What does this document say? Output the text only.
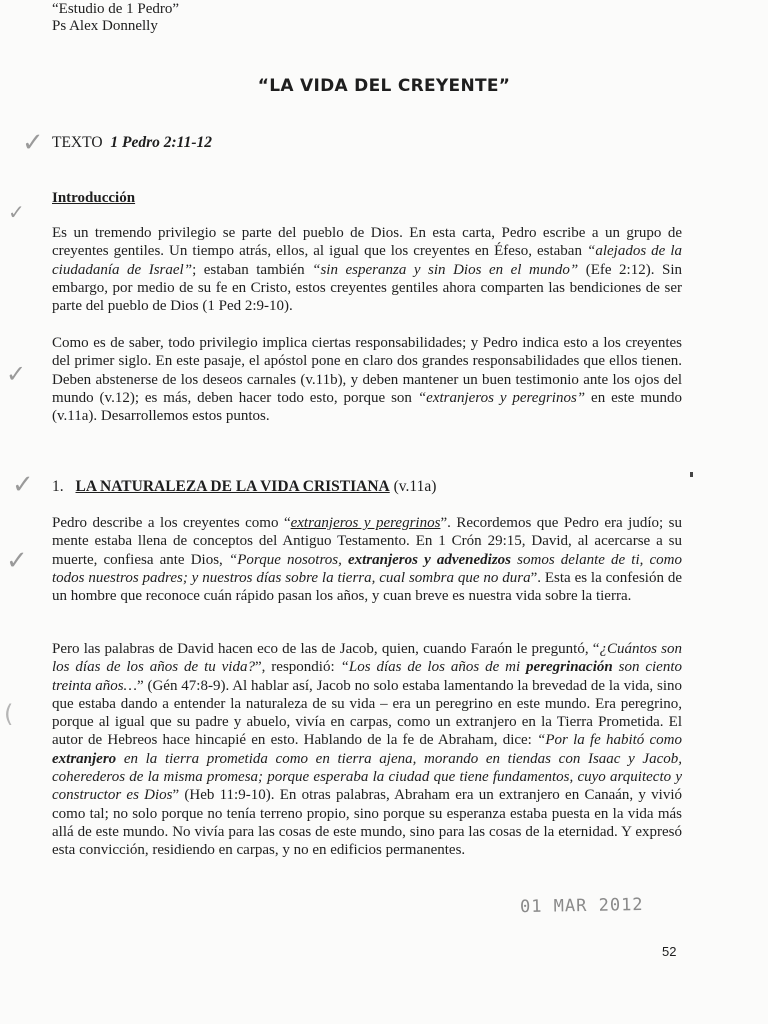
“Estudio de 1 Pedro”
Ps Alex Donnelly
“LA VIDA DEL CREYENTE”
✓ TEXTO 1 Pedro 2:11-12
Introducción
✓

Es un tremendo privilegio se parte del pueblo de Dios. En esta carta, Pedro escribe a un grupo de creyentes gentiles. Un tiempo atrás, ellos, al igual que los creyentes en Éfeso, estaban “alejados de la ciudadanía de Israel”; estaban también “sin esperanza y sin Dios en el mundo” (Efe 2:12). Sin embargo, por medio de su fe en Cristo, estos creyentes gentiles ahora comparten las bendiciones de ser parte del pueblo de Dios (1 Ped 2:9-10).

✓

Como es de saber, todo privilegio implica ciertas responsabilidades; y Pedro indica esto a los creyentes del primer siglo. En este pasaje, el apóstol pone en claro dos grandes responsabilidades que ellos tienen. Deben abstenerse de los deseos carnales (v.11b), y deben mantener un buen testimonio ante los ojos del mundo (v.12); es más, deben hacer todo esto, porque son “extranjeros y peregrinos” en este mundo (v.11a). Desarrollemos estos puntos.

✓ 1. LA NATURALEZA DE LA VIDA CRISTIANA (v.11a)
✓

Pedro describe a los creyentes como “extranjeros y peregrinos”. Recordemos que Pedro era judío; su mente estaba llena de conceptos del Antiguo Testamento. En 1 Crón 29:15, David, al acercarse a su muerte, confiesa ante Dios, “Porque nosotros, extranjeros y advenedizos somos delante de ti, como todos nuestros padres; y nuestros días sobre la tierra, cual sombra que no dura”. Esta es la confesión de un hombre que reconoce cuán rápido pasan los años, y cuan breve es nuestra vida sobre la tierra.

(

Pero las palabras de David hacen eco de las de Jacob, quien, cuando Faraón le preguntó, “¿Cuántos son los días de los años de tu vida?”, respondió: “Los días de los años de mi peregrinación son ciento treinta años…” (Gén 47:8-9). Al hablar así, Jacob no solo estaba lamentando la brevedad de la vida, sino que estaba dando a entender la naturaleza de su vida – era un peregrino en este mundo. Era peregrino, porque al igual que su padre y abuelo, vivía en carpas, como un extranjero en la Tierra Prometida. El autor de Hebreos hace hincapié en esto. Hablando de la fe de Abraham, dice: “Por la fe habitó como extranjero en la tierra prometida como en tierra ajena, morando en tiendas con Isaac y Jacob, coherederos de la misma promesa; porque esperaba la ciudad que tiene fundamentos, cuyo arquitecto y constructor es Dios” (Heb 11:9-10). En otras palabras, Abraham era un extranjero en Canaán, y vivió como tal; no solo porque no tenía terreno propio, sino porque su esperanza estaba puesta en la vida más allá de este mundo. No vivía para las cosas de este mundo, sino para las cosas de la eternidad. Y expresó esta convicción, residiendo en carpas, y no en edificios permanentes.

01 MAR 2012
52
